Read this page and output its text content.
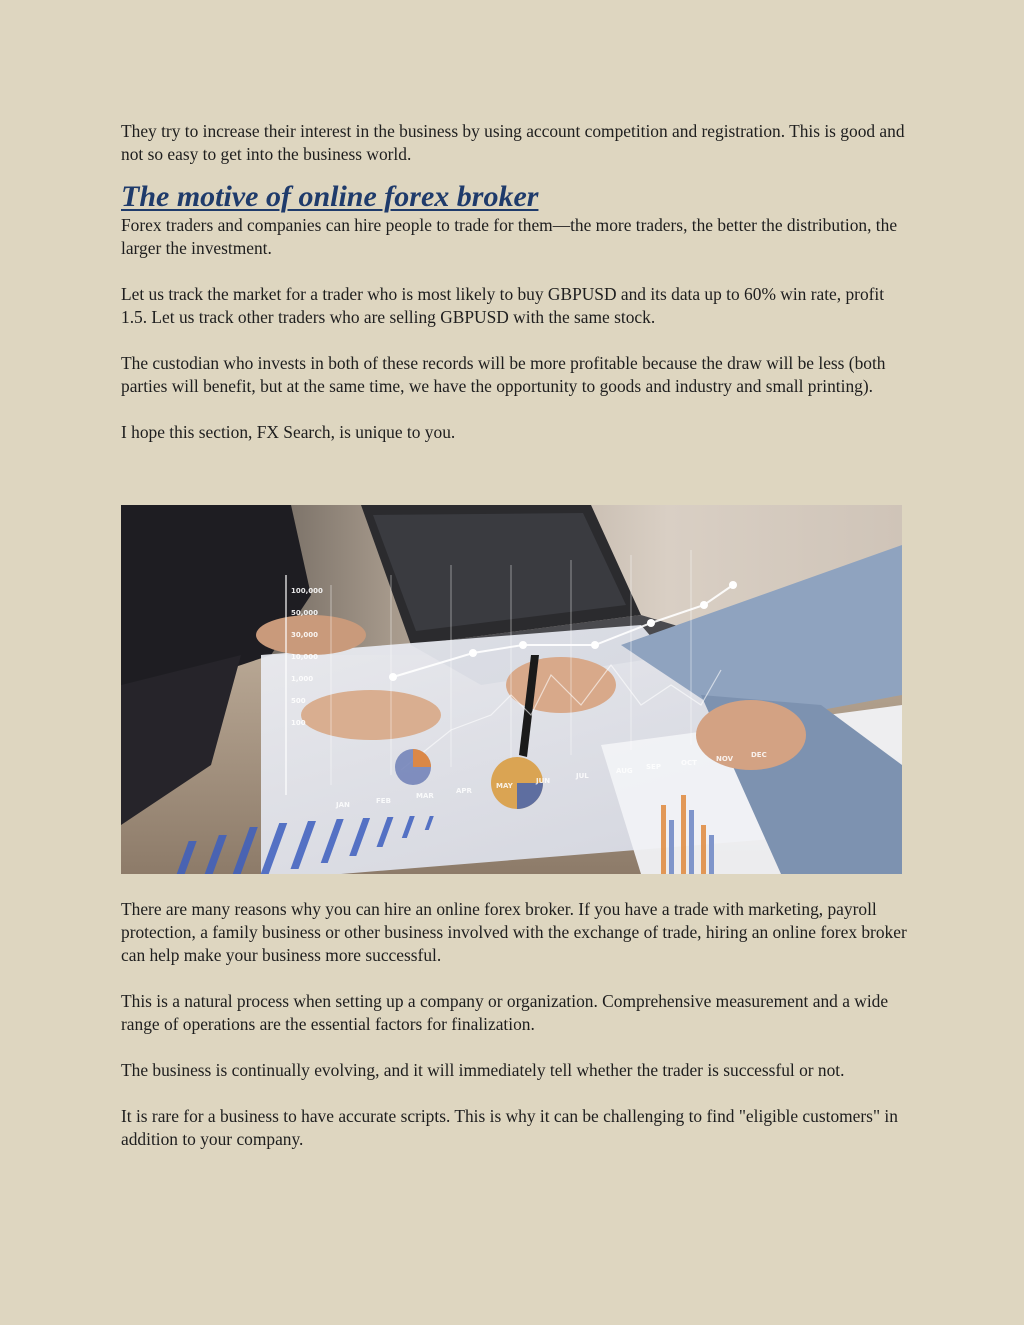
They try to increase their interest in the business by using account competition and registration. This is good and not so easy to get into the business world.

The motive of online forex broker

Forex traders and companies can hire people to trade for them—the more traders, the better the distribution, the larger the investment.

Let us track the market for a trader who is most likely to buy GBPUSD and its data up to 60% win rate, profit 1.5. Let us track other traders who are selling GBPUSD with the same stock.

The custodian who invests in both of these records will be more profitable because the draw will be less (both parties will benefit, but at the same time, we have the opportunity to goods and industry and small printing).

I hope this section, FX Search, is unique to you.

100,000
50,000
30,000
10,000
1,000
500
100
JAN	FEB
MAR
APR
MAY
JUN
JUL
AUG SEP	OCT	NOV	DEC

There are many reasons why you can hire an online forex broker. If you have a trade with marketing, payroll protection, a family business or other business involved with the exchange of trade, hiring an online forex broker can help make your business more successful.

This is a natural process when setting up a company or organization. Comprehensive measurement and a wide range of operations are the essential factors for finalization.

The business is continually evolving, and it will immediately tell whether the trader is successful or not.

It is rare for a business to have accurate scripts. This is why it can be challenging to find "eligible customers" in addition to your company.
